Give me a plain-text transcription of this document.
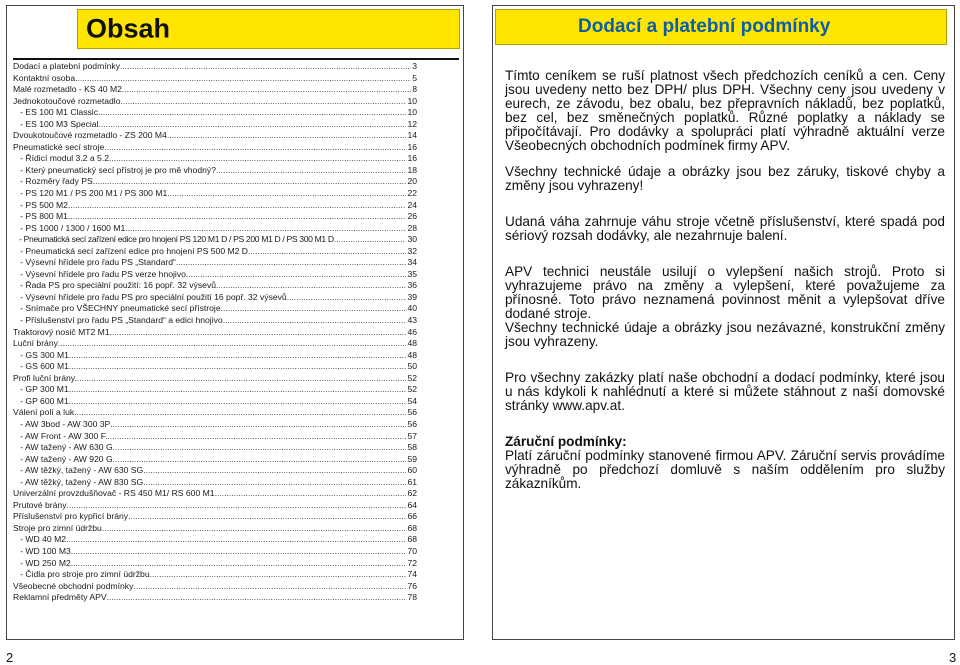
Obsah
Dodací a platební podmínky . . .	3
Kontaktní osoba. . . .	5
Malé rozmetadlo - KS 40 M2. . . .	8
Jednokotoučové rozmetadlo . . .	10
- ES 100 M1 Classic. . . .	10
- ES 100 M3 Special . . .	12
Dvoukotoučové rozmetadlo - ZS 200 M4 . . .	14
Pneumatické secí stroje . . .	16
- Řídicí modul 3.2 a 5.2 . . .	16
- Který pneumatický secí přístroj je pro mě vhodný? . . .	18
- Rozměry řady PS. . . .	20
- PS 120 M1 / PS 200 M1 / PS 300 M1 . . .	22
- PS 500 M2 . . .	24
- PS 800 M1 . . .	26
- PS 1000 / 1300 / 1600 M1 . . .	28
- Pneumatická secí zařízení edice pro hnojení PS 120 M1 D / PS 200 M1 D / PS 300 M1 D . . .	30
- Pneumatická secí zařízení edice pro hnojení PS 500 M2 D . . .	32
- Výsevní hřídele pro řadu PS „Standard“ . . .	34
- Výsevní hřídele pro řadu PS verze hnojivo . . .	35
- Řada PS pro speciální použití: 16 popř. 32 výsevů . . .	36
- Výsevní hřídele pro řadu PS pro speciální použití 16 popř. 32 výsevů . . .	39
- Snímače pro VŠECHNY pneumatické secí přístroje. . . .	40
- Příslušenství pro řadu PS „Standard“ a edici hnojivo . . .	43
Traktorový nosič MT2 M1 . . .	46
Luční brány . . .	48
- GS 300 M1. . . .	48
- GS 600 M1. . . .	50
Profi luční brány. . . .	52
- GP 300 M1. . . .	52
- GP 600 M1. . . .	54
Válení polí a luk. . . .	56
- AW 3bod - AW 300 3P . . .	56
- AW Front - AW 300 F. . . .	57
- AW tažený - AW 630 G . . .	58
- AW tažený - AW 920 G . . .	59
- AW těžký, tažený - AW 630 SG . . .	60
- AW těžký, tažený - AW 830 SG . . .	61
Univerzální provzdušňovač - RS 450 M1/ RS 600 M1 . . .	62
Prutové brány . . .	64
Příslušenství pro kypřicí brány . . .	66
Stroje pro zimní údržbu . . .	68
- WD 40 M2. . . .	68
- WD 100 M3. . . .	70
- WD 250 M2. . . .	72
- Čidla pro stroje pro zimní údržbu . . .	74
Všeobecné obchodní podmínky . . .	76
Reklamní předměty APV . . .	78
Dodací a platební podmínky

Tímto ceníkem se ruší platnost všech předchozích ceníků a cen. Ceny jsou uvedeny netto bez DPH/ plus DPH. Všechny ceny jsou uvedeny v eurech, ze závodu, bez obalu, bez přepravních nákladů, bez poplatků, bez cel, bez směnečných poplatků. Různé poplatky a náklady se připočítávají. Pro dodávky a spolupráci platí výhradně aktuální verze Všeobecných obchodních podmínek firmy APV.

Všechny technické údaje a obrázky jsou bez záruky, tiskové chyby a změny jsou vyhrazeny!

Udaná váha zahrnuje váhu stroje včetně příslušenství, které spadá pod sériový rozsah dodávky, ale nezahrnuje balení.

APV technici neustále usilují o vylepšení našich strojů. Proto si vyhrazujeme právo na změny a vylepšení, které považujeme za přínosné. Toto právo neznamená povinnost měnit a vylepšovat dříve dodané stroje.

Všechny technické údaje a obrázky jsou nezávazné, konstrukční změny jsou vyhrazeny.

Pro všechny zakázky platí naše obchodní a dodací podmínky, které jsou u nás kdykoli k nahlédnutí a které si můžete stáhnout z naší domovské stránky www.apv.at.

Záruční podmínky:

Platí záruční podmínky stanovené firmou APV. Záruční servis provádíme výhradně po předchozí domluvě s naším oddělením pro služby zákazníkům.

2	3
